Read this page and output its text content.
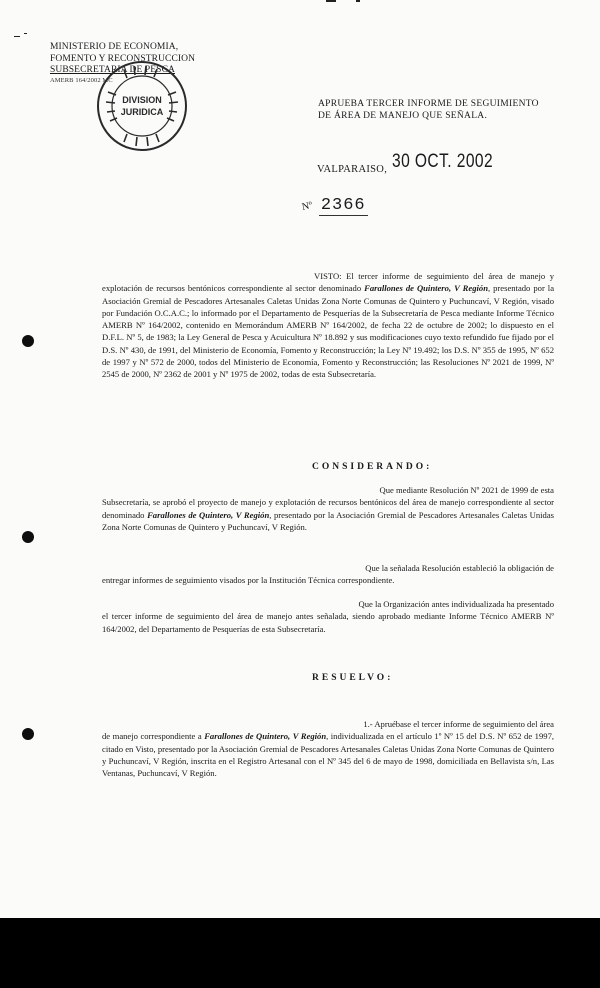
MINISTERIO DE ECONOMIA,
FOMENTO Y RECONSTRUCCION
SUBSECRETARIA DE PESCA
AMERB 164/2002 MC
DIVISION
JURIDICA
APRUEBA TERCER INFORME DE SEGUIMIENTO
DE ÁREA DE MANEJO QUE SEÑALA.
VALPARAISO, 30 OCT. 2002
Nº 2366
VISTO: El tercer informe de seguimiento del área de manejo y explotación de recursos bentónicos correspondiente al sector denominado Farallones de Quintero, V Región, presentado por la Asociación Gremial de Pescadores Artesanales Caletas Unidas Zona Norte Comunas de Quintero y Puchuncaví, V Región, visado por Fundación O.C.A.C.; lo informado por el Departamento de Pesquerías de la Subsecretaría de Pesca mediante Informe Técnico AMERB Nº 164/2002, contenido en Memorándum AMERB Nº 164/2002, de fecha 22 de octubre de 2002; lo dispuesto en el D.F.L. Nº 5, de 1983; la Ley General de Pesca y Acuicultura Nº 18.892 y sus modificaciones cuyo texto refundido fue fijado por el D.S. Nº 430, de 1991, del Ministerio de Economía, Fomento y Reconstrucción; la Ley Nº 19.492; los D.S. Nº 355 de 1995, Nº 652 de 1997 y Nº 572 de 2000, todos del Ministerio de Economía, Fomento y Reconstrucción; las Resoluciones Nº 2021 de 1999, Nº 2545 de 2000, Nº 2362 de 2001 y Nº 1975 de 2002, todas de esta Subsecretaría.
CONSIDERANDO:
Que mediante Resolución Nº 2021 de 1999 de esta
Subsecretaría, se aprobó el proyecto de manejo y explotación de recursos bentónicos del área de manejo correspondiente al sector denominado Farallones de Quintero, V Región, presentado por la Asociación Gremial de Pescadores Artesanales Caletas Unidas Zona Norte Comunas de Quintero y Puchuncaví, V Región.
Que la señalada Resolución estableció la obligación de
entregar informes de seguimiento visados por la Institución Técnica correspondiente.
Que la Organización antes individualizada ha presentado
el tercer informe de seguimiento del área de manejo antes señalada, siendo aprobado mediante Informe Técnico AMERB Nº 164/2002, del Departamento de Pesquerías de esta Subsecretaría.
RESUELVO:
1.- Apruébase el tercer informe de seguimiento del área
de manejo correspondiente a Farallones de Quintero, V Región, individualizada en el artículo 1º Nº 15 del D.S. Nº 652 de 1997, citado en Visto, presentado por la Asociación Gremial de Pescadores Artesanales Caletas Unidas Zona Norte Comunas de Quintero y Puchuncaví, V Región, inscrita en el Registro Artesanal con el Nº 345 del 6 de mayo de 1998, domiciliada en Bellavista s/n, Las Ventanas, Puchuncaví, V Región.
